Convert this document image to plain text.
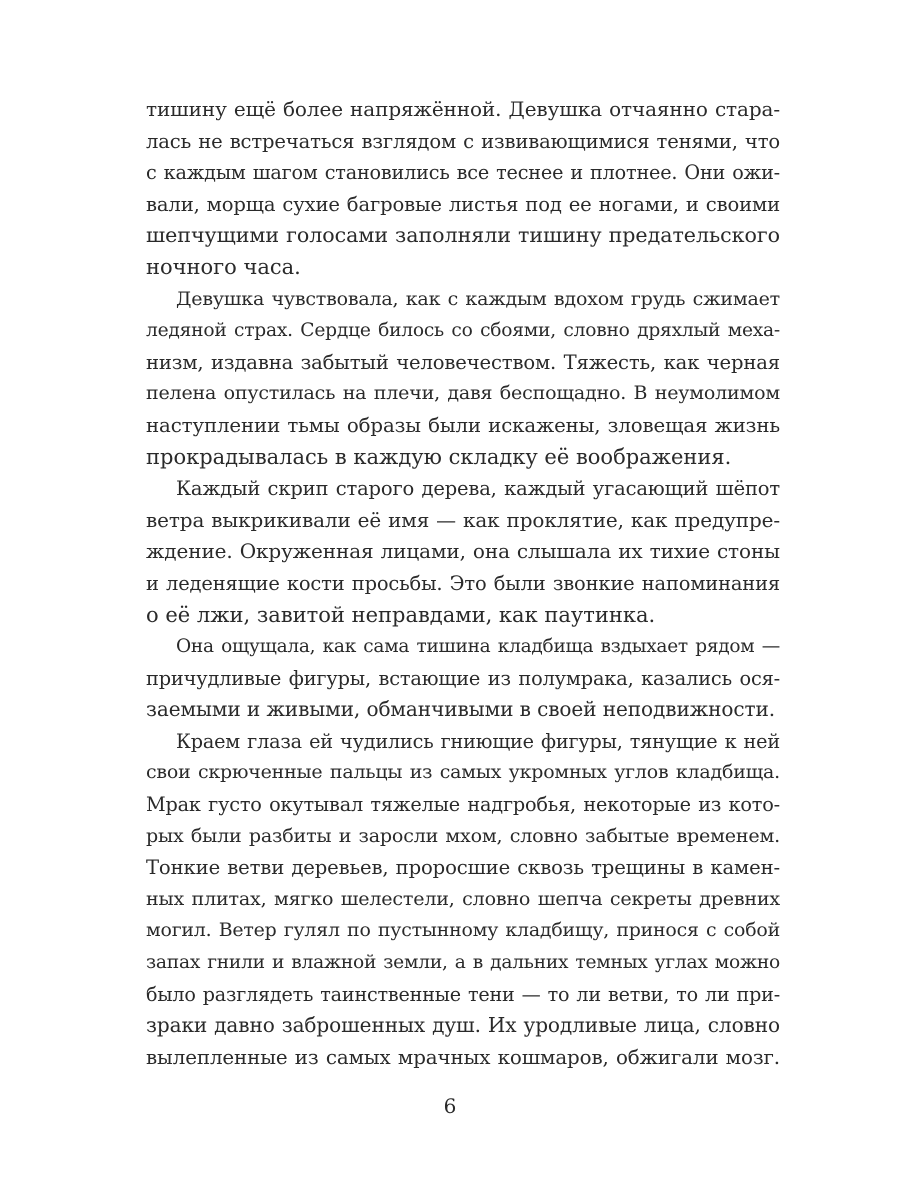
тишину ещё более напряжённой. Девушка отчаянно стара-
лась не встречаться взглядом с извивающимися тенями, что
с каждым шагом становились все теснее и плотнее. Они ожи-
вали, морща сухие багровые листья под ее ногами, и своими
шепчущими голосами заполняли тишину предательского
ночного часа.

Девушка чувствовала, как с каждым вдохом грудь сжимает
ледяной страх. Сердце билось со сбоями, словно дряхлый меха-
низм, издавна забытый человечеством. Тяжесть, как черная
пелена опустилась на плечи, давя беспощадно. В неумолимом
наступлении тьмы образы были искажены, зловещая жизнь
прокрадывалась в каждую складку её воображения.

Каждый скрип старого дерева, каждый угасающий шёпот
ветра выкрикивали её имя — как проклятие, как предупре-
ждение. Окруженная лицами, она слышала их тихие стоны
и леденящие кости просьбы. Это были звонкие напоминания
о её лжи, завитой неправдами, как паутинка.

Она ощущала, как сама тишина кладбища вздыхает рядом —
причудливые фигуры, встающие из полумрака, казались ося-
заемыми и живыми, обманчивыми в своей неподвижности.

Краем глаза ей чудились гниющие фигуры, тянущие к ней
свои скрюченные пальцы из самых укромных углов кладбища.
Мрак густо окутывал тяжелые надгробья, некоторые из кото-
рых были разбиты и заросли мхом, словно забытые временем.
Тонкие ветви деревьев, проросшие сквозь трещины в камен-
ных плитах, мягко шелестели, словно шепча секреты древних
могил. Ветер гулял по пустынному кладбищу, принося с собой
запах гнили и влажной земли, а в дальних темных углах можно
было разглядеть таинственные тени — то ли ветви, то ли при-
зраки давно заброшенных душ. Их уродливые лица, словно
вылепленные из самых мрачных кошмаров, обжигали мозг.

6
